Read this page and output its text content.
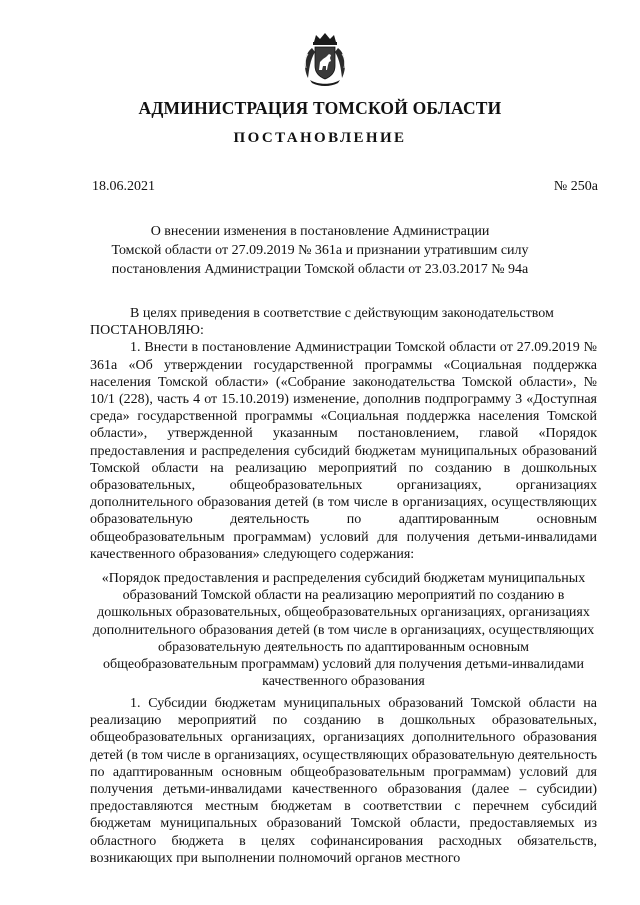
АДМИНИСТРАЦИЯ ТОМСКОЙ ОБЛАСТИ
ПОСТАНОВЛЕНИЕ
18.06.2021	№ 250а
О внесении изменения в постановление Администрации
Томской области от 27.09.2019 № 361а и признании утратившим силу
постановления Администрации Томской области от 23.03.2017 № 94а

В целях приведения в соответствие с действующим законодательством

ПОСТАНОВЛЯЮ:

1. Внести в постановление Администрации Томской области от 27.09.2019 № 361а «Об утверждении государственной программы «Социальная поддержка населения Томской области» («Собрание законодательства Томской области», № 10/1 (228), часть 4 от 15.10.2019) изменение, дополнив подпрограмму 3 «Доступная среда» государственной программы «Социальная поддержка населения Томской области», утвержденной указанным постановлением, главой «Порядок предоставления и распределения субсидий бюджетам муниципальных образований Томской области на реализацию мероприятий по созданию в дошкольных образовательных, общеобразовательных организациях, организациях дополнительного образования детей (в том числе в организациях, осуществляющих образовательную деятельность по адаптированным основным общеобразовательным программам) условий для получения детьми-инвалидами качественного образования» следующего содержания:

«Порядок предоставления и распределения субсидий бюджетам муниципальных образований Томской области на реализацию мероприятий по созданию в дошкольных образовательных, общеобразовательных организациях, организациях дополнительного образования детей (в том числе в организациях, осуществляющих образовательную деятельность по адаптированным основным общеобразовательным программам) условий для получения детьми-инвалидами качественного образования

1. Субсидии бюджетам муниципальных образований Томской области на реализацию мероприятий по созданию в дошкольных образовательных, общеобразовательных организациях, организациях дополнительного образования детей (в том числе в организациях, осуществляющих образовательную деятельность по адаптированным основным общеобразовательным программам) условий для получения детьми-инвалидами качественного образования (далее – субсидии) предоставляются местным бюджетам в соответствии с перечнем субсидий бюджетам муниципальных образований Томской области, предоставляемых из областного бюджета в целях софинансирования расходных обязательств, возникающих при выполнении полномочий органов местного
